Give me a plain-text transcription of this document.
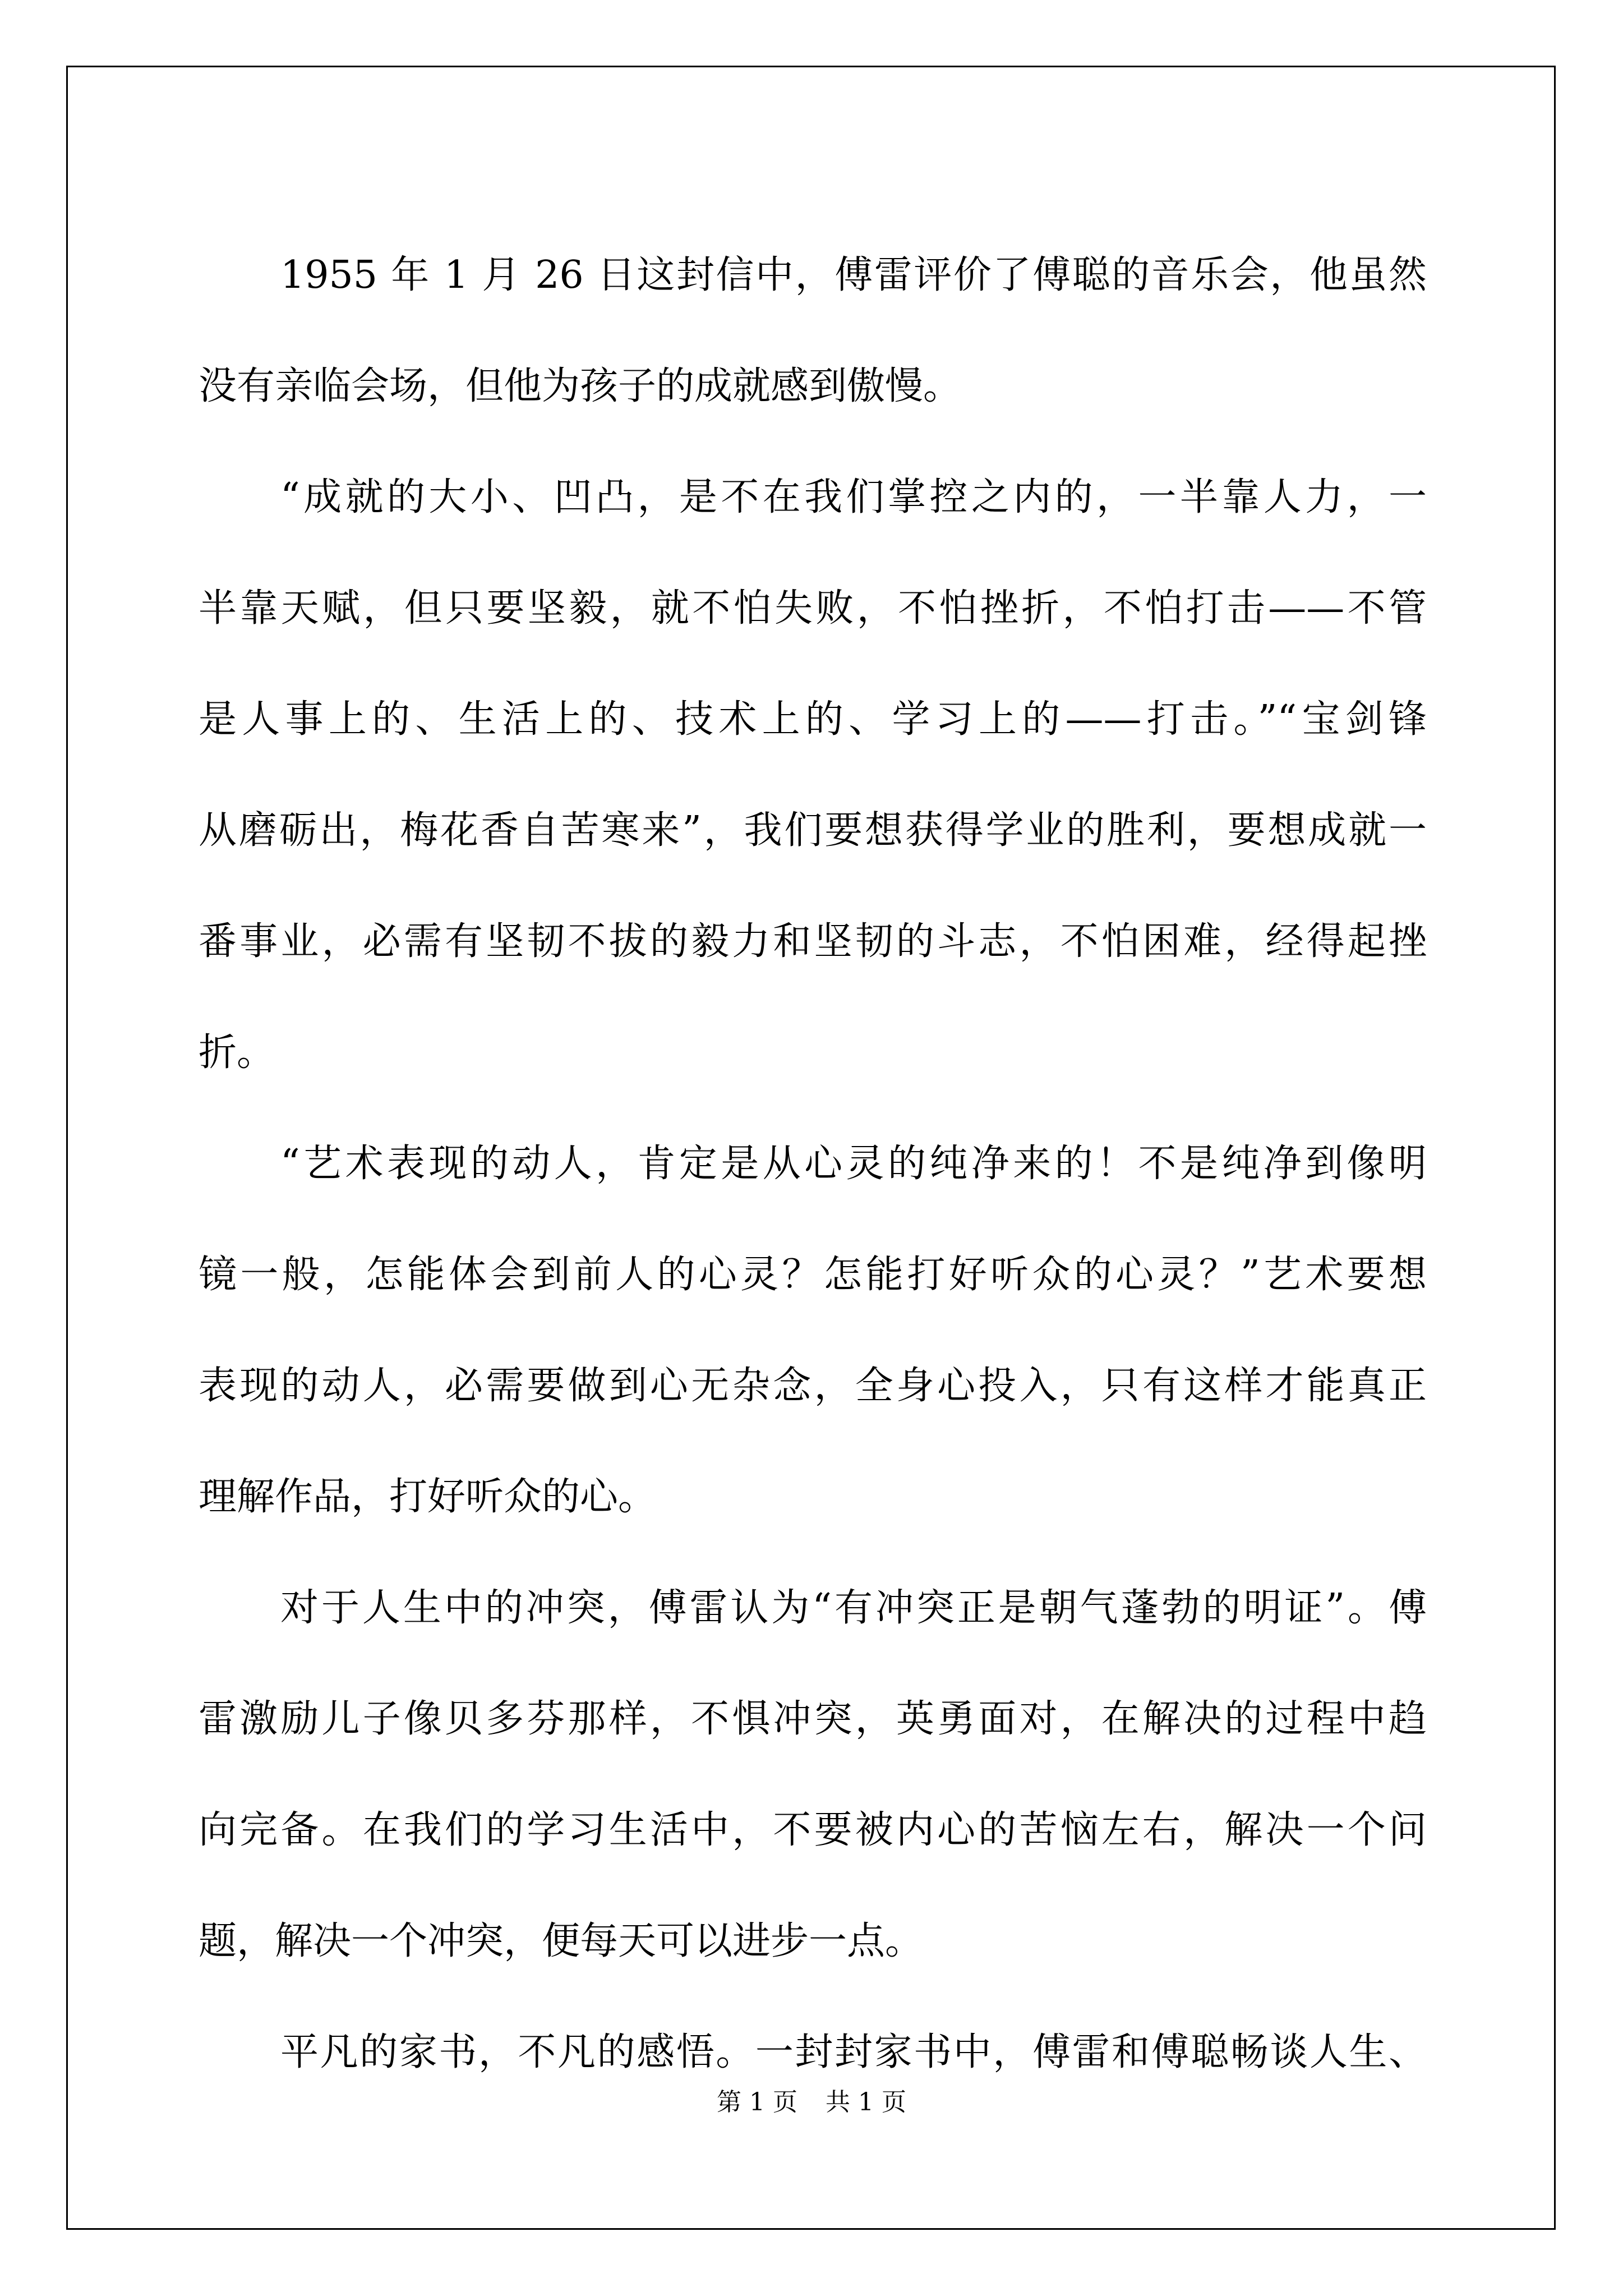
1955 年 1 月 26 日这封信中，傅雷评价了傅聪的音乐会，他虽然
没有亲临会场，但他为孩子的成就感到傲慢。
“成就的大小、凹凸，是不在我们掌控之内的，一半靠人力，一
半靠天赋，但只要坚毅，就不怕失败，不怕挫折，不怕打击——不管
是人事上的、生活上的、技术上的、学习上的——打击。”“宝剑锋
从磨砺出，梅花香自苦寒来”，我们要想获得学业的胜利，要想成就一
番事业，必需有坚韧不拔的毅力和坚韧的斗志，不怕困难，经得起挫
折。
“艺术表现的动人，肯定是从心灵的纯净来的！不是纯净到像明
镜一般，怎能体会到前人的心灵？怎能打好听众的心灵？”艺术要想
表现的动人，必需要做到心无杂念，全身心投入，只有这样才能真正
理解作品，打好听众的心。
对于人生中的冲突，傅雷认为“有冲突正是朝气蓬勃的明证”。傅
雷激励儿子像贝多芬那样，不惧冲突，英勇面对，在解决的过程中趋
向完备。在我们的学习生活中，不要被内心的苦恼左右，解决一个问
题，解决一个冲突，便每天可以进步一点。
平凡的家书，不凡的感悟。一封封家书中，傅雷和傅聪畅谈人生、
第 1 页 共 1 页
